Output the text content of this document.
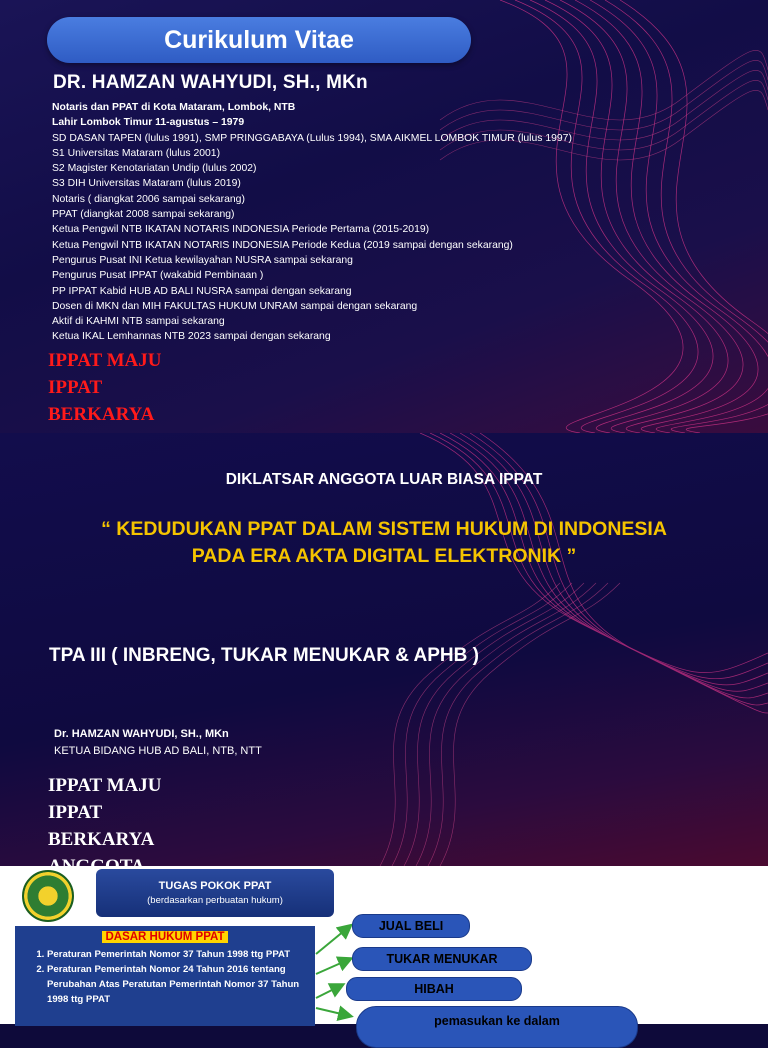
Curikulum Vitae
DR. HAMZAN WAHYUDI, SH., MKn
Notaris dan PPAT di Kota Mataram, Lombok, NTB
Lahir Lombok Timur 11-agustus – 1979
SD DASAN TAPEN (lulus 1991), SMP PRINGGABAYA (Lulus 1994), SMA AIKMEL LOMBOK TIMUR (lulus 1997)
S1 Universitas Mataram (lulus 2001)
S2 Magister Kenotariatan Undip (lulus 2002)
S3 DIH Universitas Mataram (lulus 2019)
Notaris ( diangkat 2006 sampai sekarang)
PPAT (diangkat 2008 sampai sekarang)
Ketua Pengwil NTB IKATAN NOTARIS INDONESIA Periode Pertama (2015-2019)
Ketua Pengwil NTB IKATAN NOTARIS INDONESIA Periode Kedua (2019 sampai dengan sekarang)
Pengurus Pusat INI Ketua kewilayahan NUSRA sampai sekarang
Pengurus Pusat IPPAT (wakabid Pembinaan )
PP IPPAT Kabid HUB AD BALI NUSRA sampai dengan sekarang
Dosen di MKN dan MIH FAKULTAS HUKUM UNRAM sampai dengan sekarang
Aktif di KAHMI NTB sampai sekarang
Ketua IKAL Lemhannas NTB 2023 sampai dengan sekarang
IPPAT MAJU
IPPAT
BERKARYA
DIKLATSAR ANGGOTA LUAR BIASA IPPAT
“ KEDUDUKAN PPAT DALAM SISTEM HUKUM DI INDONESIA
PADA ERA AKTA DIGITAL ELEKTRONIK ”
TPA III ( INBRENG, TUKAR MENUKAR & APHB )
Dr. HAMZAN WAHYUDI, SH., MKn
KETUA BIDANG HUB AD BALI, NTB, NTT
IPPAT MAJU
IPPAT
BERKARYA
TUGAS POKOK PPAT
(berdasarkan perbuatan hukum)
DASAR HUKUM PPAT
1. Peraturan Pemerintah Nomor 37 Tahun 1998 ttg PPAT
2. Peraturan Pemerintah Nomor 24 Tahun 2016 tentang Perubahan Atas Peratutan Pemerintah Nomor 37 Tahun 1998 ttg PPAT
JUAL BELI
TUKAR MENUKAR
HIBAH
pemasukan ke dalam
